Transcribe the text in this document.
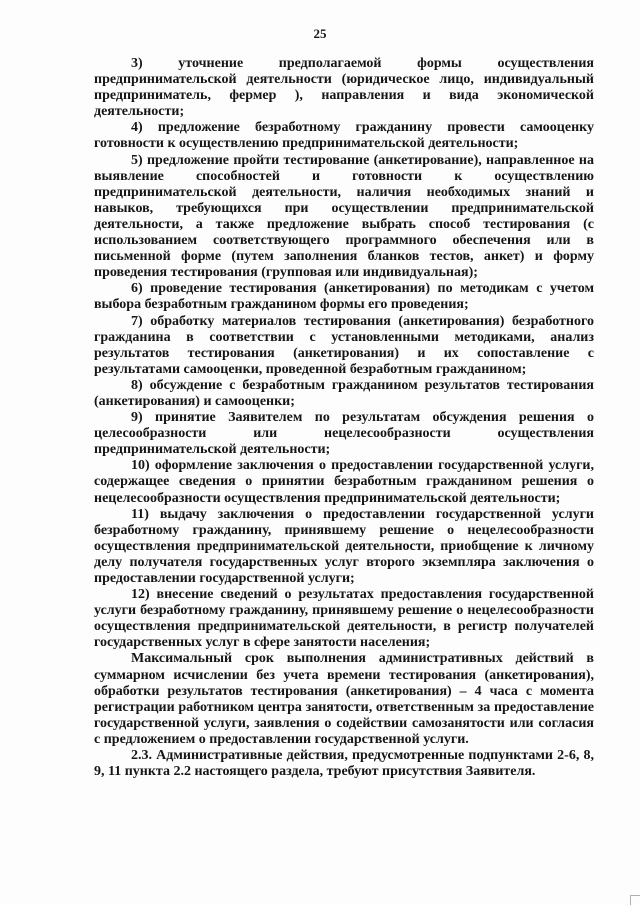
25

3) уточнение предполагаемой формы осуществления предпринимательской деятельности (юридическое лицо, индивидуальный предприниматель, фермер ), направления и вида экономической деятельности;

4) предложение безработному гражданину провести самооценку готовности к осуществлению предпринимательской деятельности;

5) предложение пройти тестирование (анкетирование), направленное на выявление способностей и готовности к осуществлению предпринимательской деятельности, наличия необходимых знаний и навыков, требующихся при осуществлении предпринимательской деятельности, а также предложение выбрать способ тестирования (с использованием соответствующего программного обеспечения или в письменной форме (путем заполнения бланков тестов, анкет) и форму проведения тестирования (групповая или индивидуальная);

6) проведение тестирования (анкетирования) по методикам с учетом выбора безработным гражданином формы его проведения;

7) обработку материалов тестирования (анкетирования) безработного гражданина в соответствии с установленными методиками, анализ результатов тестирования (анкетирования) и их сопоставление с результатами самооценки, проведенной безработным гражданином;

8) обсуждение с безработным гражданином результатов тестирования (анкетирования) и самооценки;

9) принятие Заявителем по результатам обсуждения решения о целесообразности или нецелесообразности осуществления предпринимательской деятельности;

10) оформление заключения о предоставлении государственной услуги, содержащее сведения о принятии безработным гражданином решения о нецелесообразности осуществления предпринимательской деятельности;

11) выдачу заключения о предоставлении государственной услуги безработному гражданину, принявшему решение о нецелесообразности осуществления предпринимательской деятельности, приобщение к личному делу получателя государственных услуг второго экземпляра заключения о предоставлении государственной услуги;

12) внесение сведений о результатах предоставления государственной услуги безработному гражданину, принявшему решение о нецелесообразности осуществления предпринимательской деятельности, в регистр получателей государственных услуг в сфере занятости населения;

Максимальный срок выполнения административных действий в суммарном исчислении без учета времени тестирования (анкетирования), обработки результатов тестирования (анкетирования) – 4 часа с момента регистрации работником центра занятости, ответственным за предоставление государственной услуги, заявления о содействии самозанятости или согласия с предложением о предоставлении государственной услуги.

2.3. Административные действия, предусмотренные подпунктами 2-6, 8, 9, 11 пункта 2.2 настоящего раздела, требуют присутствия Заявителя.
